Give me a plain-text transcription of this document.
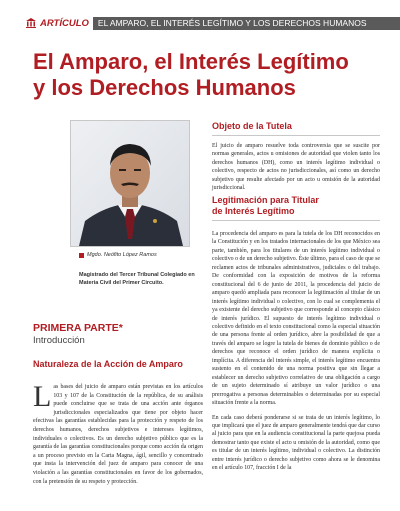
ARTÍCULO	EL AMPARO, EL INTERÉS LEGÍTIMO Y LOS DERECHOS HUMANOS
El Amparo, el Interés Legítimo
y los Derechos Humanos
Mgdo. Neófito López Ramos
Magistrado del Tercer Tribunal Colegiado en Materia Civil del Primer Circuito.
PRIMERA PARTE*
Introducción
Naturaleza de la Acción de Amparo
L as bases del juicio de amparo están previstas en los artículos 103 y 107 de la Constitución de la república, de su análisis puede concluirse que se trata de una acción ante órganos jurisdiccionales especializados que tiene por objeto hacer efectivas las garantías establecidas para la protección y respeto de los derechos humanos, derechos subjetivos e intereses legítimos, individuales o colectivos. Es un derecho subjetivo público que es la garantía de las garantías constitucionales porque como acción da origen a un proceso previsto en la Carta Magna, ágil, sencillo y concentrado que insta la intervención del juez de amparo para conocer de una violación a las garantías constitucionales en favor de los gobernados, con la pretensión de su respeto y protección.
Objeto de la Tutela

El juicio de amparo resuelve toda controversia que se suscite por normas generales, actos u omisiones de autoridad que violen tanto los derechos humanos (DH), como un interés legítimo individual o colectivo, respecto de actos no jurisdiccionales, así como un derecho subjetivo que resulte afectado por un acto u omisión de la autoridad jurisdiccional.

Legitimación para Titular
de Interés Legítimo

La procedencia del amparo es para la tutela de los DH reconocidos en la Constitución y en los tratados internacionales de los que México sea parte, también, para los titulares de un interés legítimo individual o colectivo o de un derecho subjetivo. Éste último, para el caso de que se reclamen actos de tribunales administrativos, judiciales o del trabajo. De conformidad con la exposición de motivos de la reforma constitucional del 6 de junio de 2011, la procedencia del juicio de amparo quedó ampliada para reconocer la legitimación al titular de un interés legítimo individual o colectivo, con lo cual se complementa el ya existente del derecho subjetivo que corresponde al concepto clásico de interés jurídico. El supuesto de interés legítimo individual o colectivo definido en el texto constitucional como la especial situación de una persona frente al orden jurídico, abre la posibilidad de que a través del amparo se logre la tutela de bienes de dominio público o de derechos que reconoce el orden jurídico de manera explícita o implícita. A diferencia del interés simple, el interés legítimo encuentra sustento en el contenido de una norma positiva que sin llegar a establecer un derecho subjetivo correlativo de una obligación a cargo de un sujeto determinado sí atribuye un valor jurídico o una prerrogativa a personas determinables o determinadas por su especial situación frente a la norma.

En cada caso deberá ponderarse si se trata de un interés legítimo, lo que implicará que el juez de amparo generalmente tendrá que dar curso al juicio para que en la audiencia constitucional la parte quejosa pueda demostrar tanto que existe el acto u omisión de la autoridad, como que es titular de un interés legítimo, individual o colectivo. La distinción entre interés jurídico o derecho subjetivo como ahora se le denomina en el artículo 107, fracción I de la
